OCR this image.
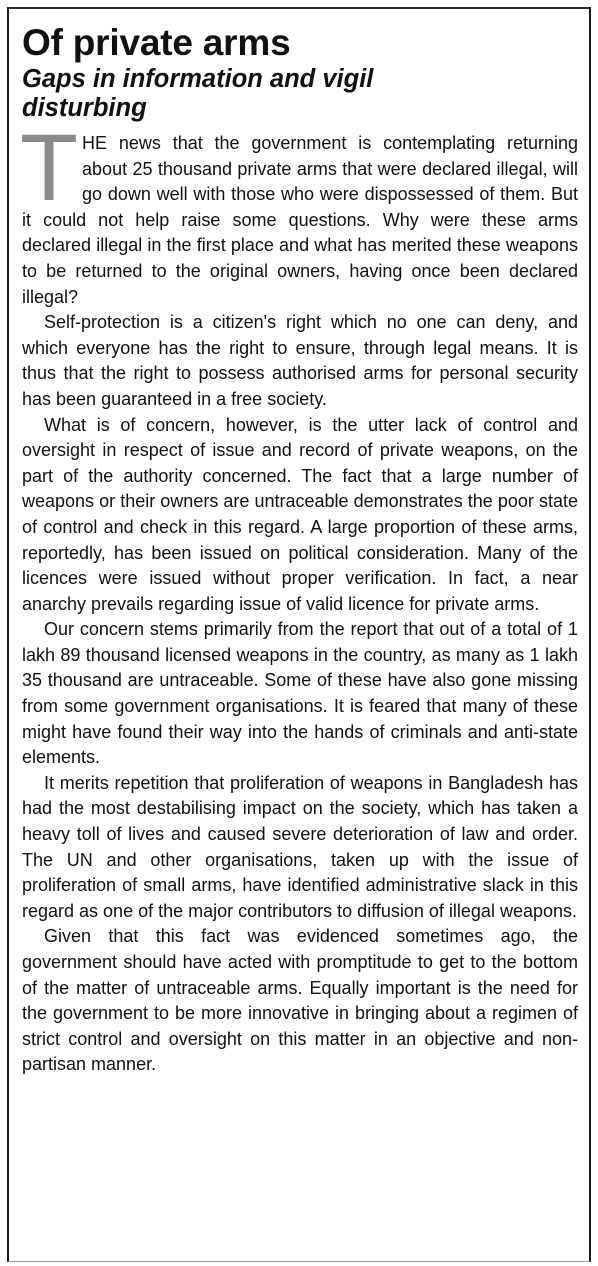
Of private arms
Gaps in information and vigil disturbing

THE news that the government is contemplating returning about 25 thousand private arms that were declared illegal, will go down well with those who were dispossessed of them. But it could not help raise some questions. Why were these arms declared illegal in the first place and what has merited these weapons to be returned to the original owners, having once been declared illegal?

Self-protection is a citizen's right which no one can deny, and which everyone has the right to ensure, through legal means. It is thus that the right to possess authorised arms for personal security has been guaranteed in a free society.

What is of concern, however, is the utter lack of control and oversight in respect of issue and record of private weapons, on the part of the authority concerned. The fact that a large number of weapons or their owners are untraceable demonstrates the poor state of control and check in this regard. A large proportion of these arms, reportedly, has been issued on political consideration. Many of the licences were issued without proper verification. In fact, a near anarchy prevails regarding issue of valid licence for private arms.

Our concern stems primarily from the report that out of a total of 1 lakh 89 thousand licensed weapons in the country, as many as 1 lakh 35 thousand are untraceable. Some of these have also gone missing from some government organisations. It is feared that many of these might have found their way into the hands of criminals and anti-state elements.

It merits repetition that proliferation of weapons in Bangladesh has had the most destabilising impact on the society, which has taken a heavy toll of lives and caused severe deterioration of law and order. The UN and other organisations, taken up with the issue of proliferation of small arms, have identified administrative slack in this regard as one of the major contributors to diffusion of illegal weapons.

Given that this fact was evidenced sometimes ago, the government should have acted with promptitude to get to the bottom of the matter of untraceable arms. Equally important is the need for the government to be more innovative in bringing about a regimen of strict control and oversight on this matter in an objective and non-partisan manner.
